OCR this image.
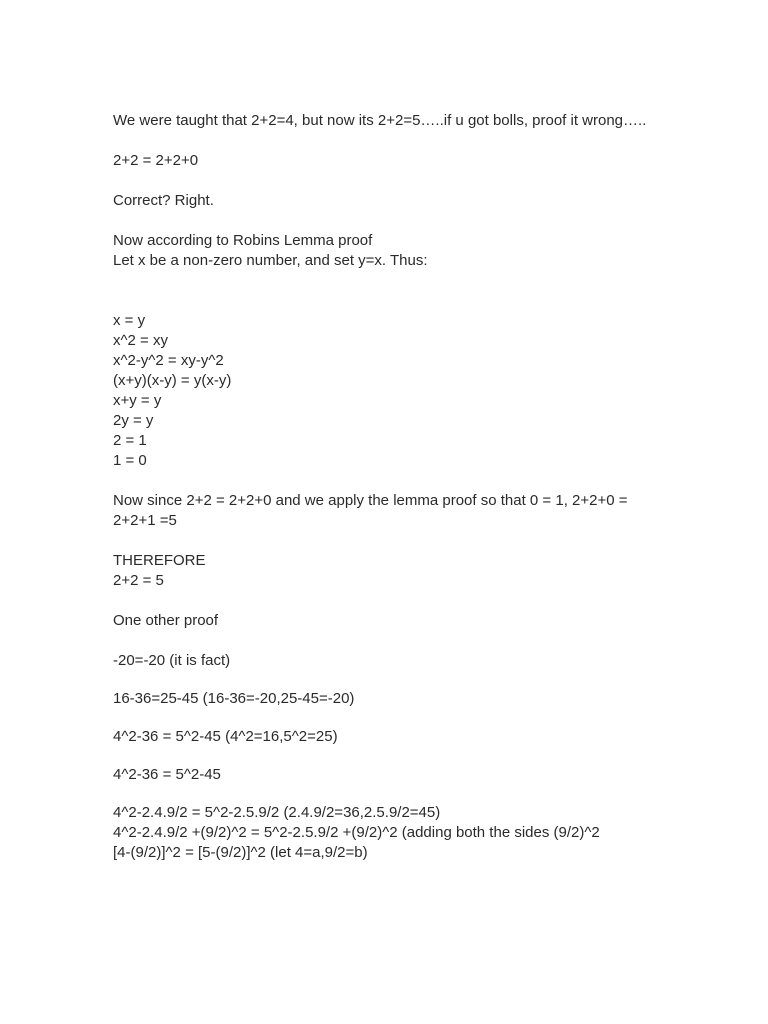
We were taught that 2+2=4, but now its 2+2=5…..if u got bolls, proof it wrong…..

2+2 = 2+2+0

Correct? Right.

Now according to Robins Lemma proof

Let x be a non-zero number, and set y=x. Thus:

x = y

x^2 = xy

x^2-y^2 = xy-y^2

(x+y)(x-y) = y(x-y)

x+y = y

2y = y

2 = 1

1 = 0

Now since 2+2 = 2+2+0 and we apply the lemma proof so that 0 = 1, 2+2+0 = 2+2+1 =5

THEREFORE

2+2 = 5

One other proof

-20=-20 (it is fact)

16-36=25-45 (16-36=-20,25-45=-20)

4^2-36 = 5^2-45 (4^2=16,5^2=25)

4^2-36 = 5^2-45

4^2-2.4.9/2 = 5^2-2.5.9/2 (2.4.9/2=36,2.5.9/2=45)

4^2-2.4.9/2 +(9/2)^2 = 5^2-2.5.9/2 +(9/2)^2 (adding both the sides (9/2)^2

[4-(9/2)]^2 = [5-(9/2)]^2 (let 4=a,9/2=b)
